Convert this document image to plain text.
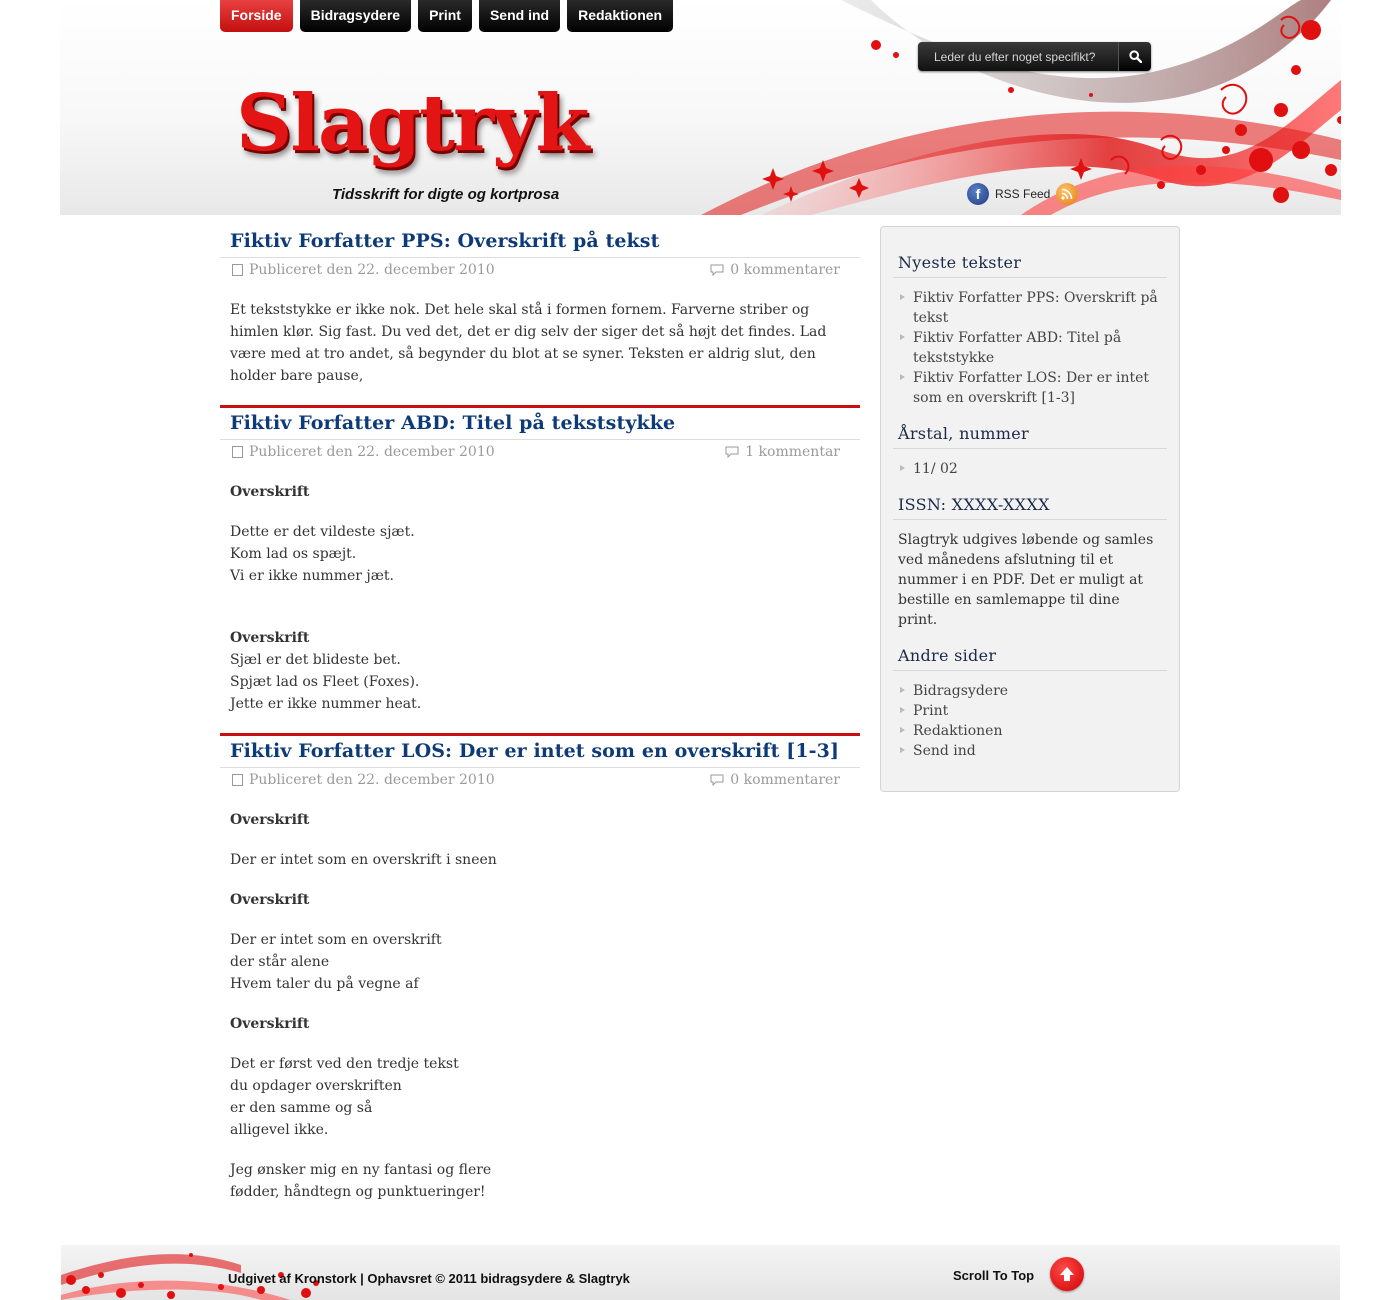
Forside	Bidragsydere	Print	Send ind	Redaktionen
Slagtryk
Tidsskrift for digte og kortprosa
Leder du efter noget specifikt?	f	RSS Feed
Fiktiv Forfatter PPS: Overskrift på tekst
Publiceret den 22. december 2010	0 kommentarer

Et tekststykke er ikke nok. Det hele skal stå i formen fornem. Farverne striber og himlen klør. Sig fast. Du ved det, det er dig selv der siger det så højt det findes. Lad være med at tro andet, så begynder du blot at se syner. Teksten er aldrig slut, den holder bare pause,

Fiktiv Forfatter ABD: Titel på tekststykke
Publiceret den 22. december 2010	1 kommentar

Overskrift

Dette er det vildeste sjæt.
Kom lad os spæjt.
Vi er ikke nummer jæt.

Overskrift

Sjæl er det blideste bet.
Spjæt lad os Fleet (Foxes).
Jette er ikke nummer heat.

Fiktiv Forfatter LOS: Der er intet som en overskrift [1-3]
Publiceret den 22. december 2010	0 kommentarer

Overskrift

Der er intet som en overskrift i sneen

Overskrift

Der er intet som en overskrift
der står alene
Hvem taler du på vegne af

Overskrift

Det er først ved den tredje tekst
du opdager overskriften
er den samme og så
alligevel ikke.

Jeg ønsker mig en ny fantasi og flere
fødder, håndtegn og punktueringer!

Nyeste tekster
Fiktiv Forfatter PPS: Overskrift på tekst
Fiktiv Forfatter ABD: Titel på tekststykke
Fiktiv Forfatter LOS: Der er intet som en overskrift [1-3]
Årstal, nummer
11/ 02
ISSN: XXXX-XXXX

Slagtryk udgives løbende og samles ved månedens afslutning til et nummer i en PDF. Det er muligt at bestille en samlemappe til dine print.

Andre sider
Bidragsydere
Print
Redaktionen
Send ind
Udgivet af Kronstork | Ophavsret © 2011 bidragsydere & Slagtryk	Scroll To Top
